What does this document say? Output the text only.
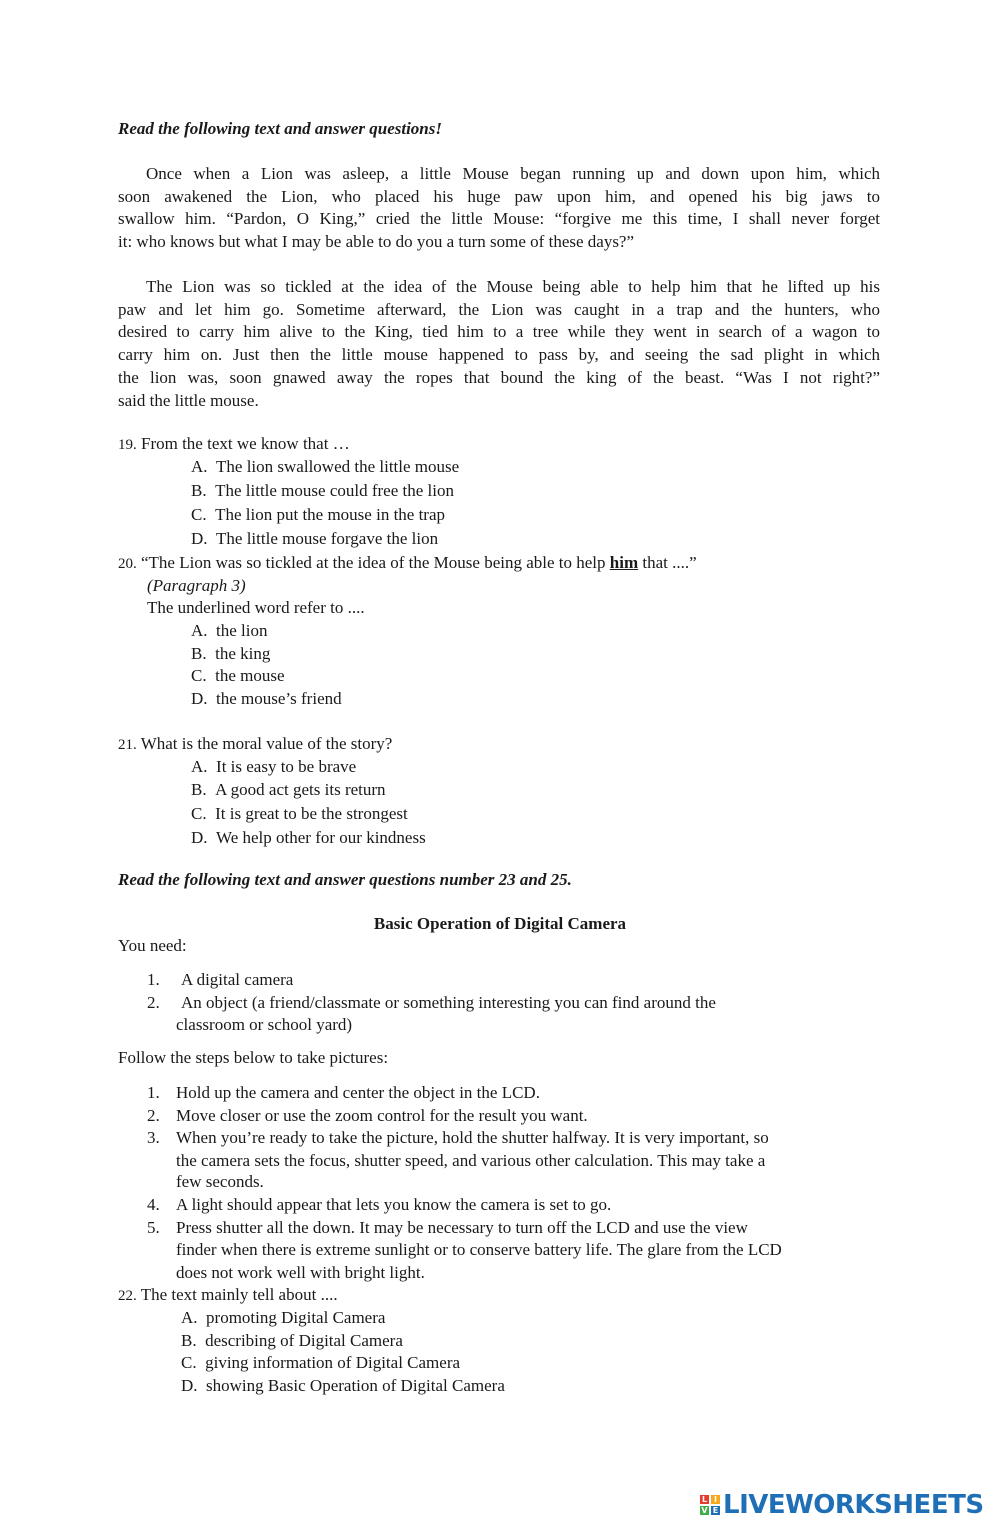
Read the following text and answer questions!
Once when a Lion was asleep, a little Mouse began running up and down upon him, which
soon awakened the Lion, who placed his huge paw upon him, and opened his big jaws to
swallow him. “Pardon, O King,” cried the little Mouse: “forgive me this time, I shall never forget
it: who knows but what I may be able to do you a turn some of these days?”
The Lion was so tickled at the idea of the Mouse being able to help him that he lifted up his
paw and let him go. Sometime afterward, the Lion was caught in a trap and the hunters, who
desired to carry him alive to the King, tied him to a tree while they went in search of a wagon to
carry him on. Just then the little mouse happened to pass by, and seeing the sad plight in which
the lion was, soon gnawed away the ropes that bound the king of the beast. “Was I not right?”
said the little mouse.
19. From the text we know that …
A. The lion swallowed the little mouse
B. The little mouse could free the lion
C. The lion put the mouse in the trap
D. The little mouse forgave the lion
20. “The Lion was so tickled at the idea of the Mouse being able to help him that ....”
(Paragraph 3)
The underlined word refer to ....
A. the lion
B. the king
C. the mouse
D. the mouse’s friend
21. What is the moral value of the story?
A. It is easy to be brave
B. A good act gets its return
C. It is great to be the strongest
D. We help other for our kindness
Read the following text and answer questions number 23 and 25.
Basic Operation of Digital Camera
You need:
1. A digital camera
2. An object (a friend/classmate or something interesting you can find around the
classroom or school yard)
Follow the steps below to take pictures:
1. Hold up the camera and center the object in the LCD.
2. Move closer or use the zoom control for the result you want.
3. When you’re ready to take the picture, hold the shutter halfway. It is very important, so
the camera sets the focus, shutter speed, and various other calculation. This may take a
few seconds.
4. A light should appear that lets you know the camera is set to go.
5. Press shutter all the down. It may be necessary to turn off the LCD and use the view
finder when there is extreme sunlight or to conserve battery life. The glare from the LCD
does not work well with bright light.
22. The text mainly tell about ....
A. promoting Digital Camera
B. describing of Digital Camera
C. giving information of Digital Camera
D. showing Basic Operation of Digital Camera
L I
V E LIVEWORKSHEETS
